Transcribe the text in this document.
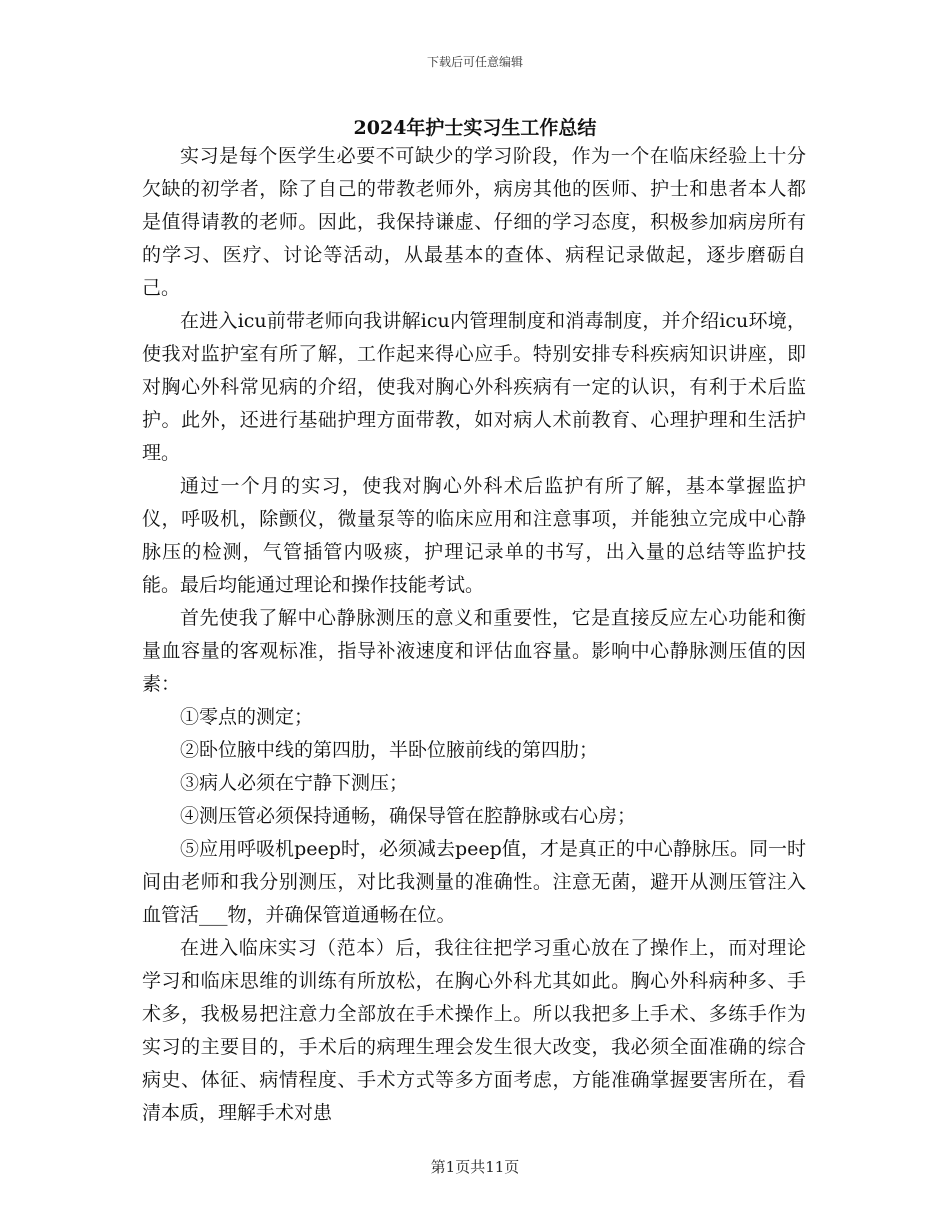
下载后可任意编辑
2024年护士实习生工作总结

实习是每个医学生必要不可缺少的学习阶段，作为一个在临床经验上十分欠缺的初学者，除了自己的带教老师外，病房其他的医师、护士和患者本人都是值得请教的老师。因此，我保持谦虚、仔细的学习态度，积极参加病房所有的学习、医疗、讨论等活动，从最基本的查体、病程记录做起，逐步磨砺自己。

在进入icu前带老师向我讲解icu内管理制度和消毒制度，并介绍icu环境，使我对监护室有所了解，工作起来得心应手。特别安排专科疾病知识讲座，即对胸心外科常见病的介绍，使我对胸心外科疾病有一定的认识，有利于术后监护。此外，还进行基础护理方面带教，如对病人术前教育、心理护理和生活护理。

通过一个月的实习，使我对胸心外科术后监护有所了解，基本掌握监护仪，呼吸机，除颤仪，微量泵等的临床应用和注意事项，并能独立完成中心静脉压的检测，气管插管内吸痰，护理记录单的书写，出入量的总结等监护技能。最后均能通过理论和操作技能考试。

首先使我了解中心静脉测压的意义和重要性，它是直接反应左心功能和衡量血容量的客观标准，指导补液速度和评估血容量。影响中心静脉测压值的因素：

①零点的测定；

②卧位腋中线的第四肋，半卧位腋前线的第四肋；

③病人必须在宁静下测压；

④测压管必须保持通畅，确保导管在腔静脉或右心房；

⑤应用呼吸机peep时，必须减去peep值，才是真正的中心静脉压。同一时间由老师和我分别测压，对比我测量的准确性。注意无菌，避开从测压管注入血管活___物，并确保管道通畅在位。

在进入临床实习（范本）后，我往往把学习重心放在了操作上，而对理论学习和临床思维的训练有所放松，在胸心外科尤其如此。胸心外科病种多、手术多，我极易把注意力全部放在手术操作上。所以我把多上手术、多练手作为实习的主要目的，手术后的病理生理会发生很大改变，我必须全面准确的综合病史、体征、病情程度、手术方式等多方面考虑，方能准确掌握要害所在，看清本质，理解手术对患

第1页共11页
